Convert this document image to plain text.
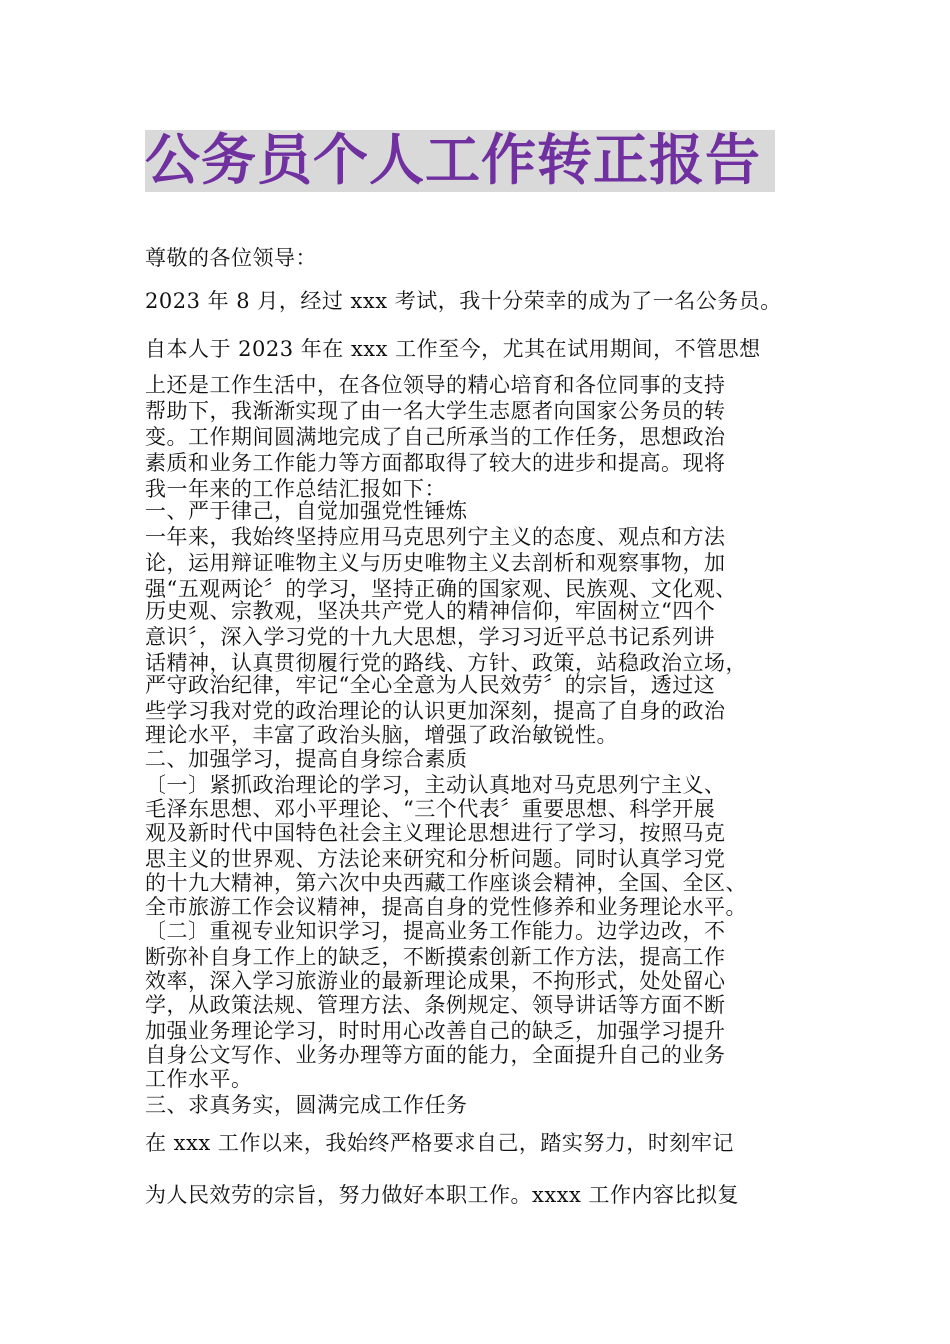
公务员个人工作转正报告
尊敬的各位领导：
2023 年 8 月，经过 xxx 考试，我十分荣幸的成为了一名公务员。
自本人于 2023 年在 xxx 工作至今，尤其在试用期间，不管思想
上还是工作生活中，在各位领导的精心培育和各位同事的支持
帮助下，我渐渐实现了由一名大学生志愿者向国家公务员的转
变。工作期间圆满地完成了自己所承当的工作任务，思想政治
素质和业务工作能力等方面都取得了较大的进步和提高。现将
我一年来的工作总结汇报如下：
一、严于律己，自觉加强党性锤炼
一年来，我始终坚持应用马克思列宁主义的态度、观点和方法
论，运用辩证唯物主义与历史唯物主义去剖析和观察事物，加
强“五观两论〞的学习，坚持正确的国家观、民族观、文化观、
历史观、宗教观，坚决共产党人的精神信仰，牢固树立“四个
意识〞，深入学习党的十九大思想，学习习近平总书记系列讲
话精神，认真贯彻履行党的路线、方针、政策，站稳政治立场，
严守政治纪律，牢记“全心全意为人民效劳〞的宗旨，透过这
些学习我对党的政治理论的认识更加深刻，提高了自身的政治
理论水平，丰富了政治头脑，增强了政治敏锐性。
二、加强学习，提高自身综合素质
〔一〕紧抓政治理论的学习，主动认真地对马克思列宁主义、
毛泽东思想、邓小平理论、“三个代表〞重要思想、科学开展
观及新时代中国特色社会主义理论思想进行了学习，按照马克
思主义的世界观、方法论来研究和分析问题。同时认真学习党
的十九大精神，第六次中央西藏工作座谈会精神，全国、全区、
全市旅游工作会议精神，提高自身的党性修养和业务理论水平。
〔二〕重视专业知识学习，提高业务工作能力。边学边改，不
断弥补自身工作上的缺乏，不断摸索创新工作方法，提高工作
效率，深入学习旅游业的最新理论成果，不拘形式，处处留心
学，从政策法规、管理方法、条例规定、领导讲话等方面不断
加强业务理论学习，时时用心改善自己的缺乏，加强学习提升
自身公文写作、业务办理等方面的能力，全面提升自己的业务
工作水平。
三、求真务实，圆满完成工作任务
在 xxx 工作以来，我始终严格要求自己，踏实努力，时刻牢记
为人民效劳的宗旨，努力做好本职工作。xxxx 工作内容比拟复
